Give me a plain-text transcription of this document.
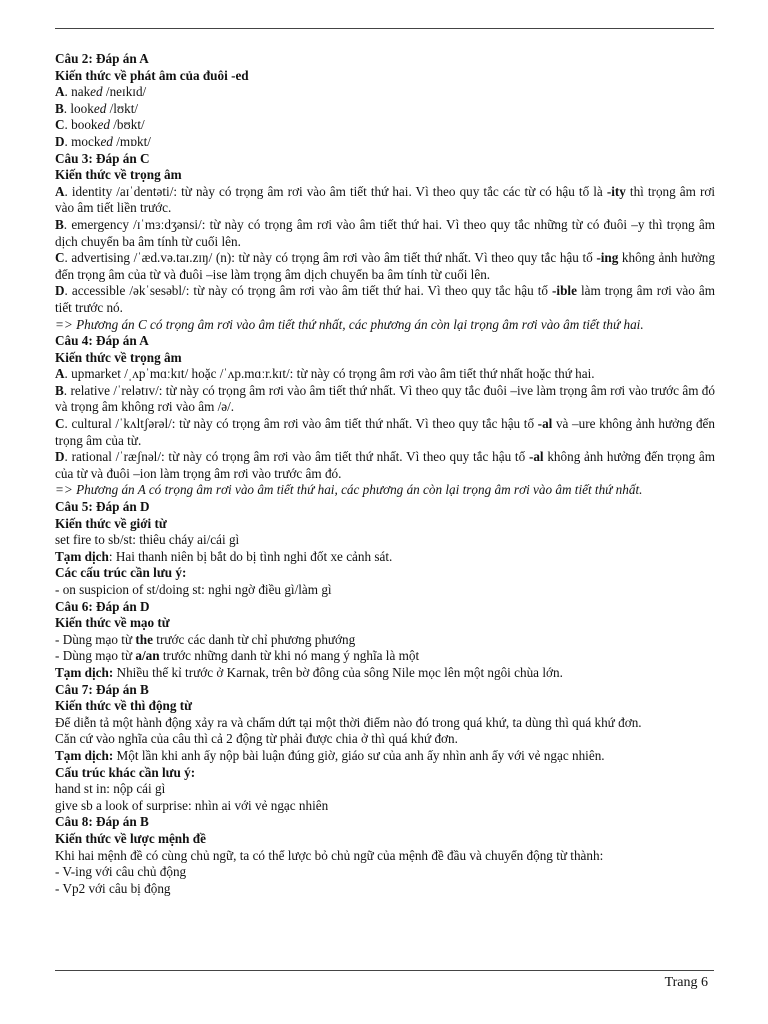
Câu 2: Đáp án A
Kiến thức về phát âm của đuôi -ed
A. naked /neɪkɪd/
B. looked /lʊkt/
C. booked /bʊkt/
D. mocked /mɒkt/
Câu 3: Đáp án C
Kiến thức về trọng âm
A. identity /aɪˈdentəti/: từ này có trọng âm rơi vào âm tiết thứ hai. Vì theo quy tắc các từ có hậu tố là -ity thì trọng âm rơi vào âm tiết liền trước.
B. emergency /ɪˈmɜːdʒənsi/: từ này có trọng âm rơi vào âm tiết thứ hai. Vì theo quy tắc những từ có đuôi –y thì trọng âm dịch chuyển ba âm tính từ cuối lên.
C. advertising /ˈæd.və.taɪ.zɪŋ/ (n): từ này có trọng âm rơi vào âm tiết thứ nhất. Vì theo quy tắc hậu tố -ing không ảnh hưởng đến trọng âm của từ và đuôi –ise làm trọng âm dịch chuyển ba âm tính từ cuối lên.
D. accessible /əkˈsesəbl/: từ này có trọng âm rơi vào âm tiết thứ hai. Vì theo quy tắc hậu tố -ible làm trọng âm rơi vào âm tiết trước nó.
=> Phương án C có trọng âm rơi vào âm tiết thứ nhất, các phương án còn lại trọng âm rơi vào âm tiết thứ hai.
Câu 4: Đáp án A
Kiến thức về trọng âm
A. upmarket /ˌʌpˈmɑːkɪt/ hoặc /ˈʌp.mɑːr.kɪt/: từ này có trọng âm rơi vào âm tiết thứ nhất hoặc thứ hai.
B. relative /ˈrelətɪv/: từ này có trọng âm rơi vào âm tiết thứ nhất. Vì theo quy tắc đuôi –ive làm trọng âm rơi vào trước âm đó và trọng âm không rơi vào âm /ə/.
C. cultural /ˈkʌltʃərəl/: từ này có trọng âm rơi vào âm tiết thứ nhất. Vì theo quy tắc hậu tố -al và –ure không ảnh hưởng đến trọng âm của từ.
D. rational /ˈræʃnəl/: từ này có trọng âm rơi vào âm tiết thứ nhất. Vì theo quy tắc hậu tố -al không ảnh hưởng đến trọng âm của từ và đuôi –ion làm trọng âm rơi vào trước âm đó.
=> Phương án A có trọng âm rơi vào âm tiết thứ hai, các phương án còn lại trọng âm rơi vào âm tiết thứ nhất.
Câu 5: Đáp án D
Kiến thức về giới từ
set fire to sb/st: thiêu cháy ai/cái gì
Tạm dịch: Hai thanh niên bị bắt do bị tình nghi đốt xe cảnh sát.
Các cấu trúc cần lưu ý:
- on suspicion of st/doing st: nghi ngờ điều gì/làm gì
Câu 6: Đáp án D
Kiến thức về mạo từ
- Dùng mạo từ the trước các danh từ chỉ phương phướng
- Dùng mạo từ a/an trước những danh từ khi nó mang ý nghĩa là một
Tạm dịch: Nhiều thế kỉ trước ở Karnak, trên bờ đông của sông Nile mọc lên một ngôi chùa lớn.
Câu 7: Đáp án B
Kiến thức về thì động từ
Để diễn tả một hành động xảy ra và chấm dứt tại một thời điểm nào đó trong quá khứ, ta dùng thì quá khứ đơn.
Căn cứ vào nghĩa của câu thì cả 2 động từ phải được chia ở thì quá khứ đơn.
Tạm dịch: Một lần khi anh ấy nộp bài luận đúng giờ, giáo sư của anh ấy nhìn anh ấy với vẻ ngạc nhiên.
Cấu trúc khác cần lưu ý:
hand st in: nộp cái gì
give sb a look of surprise: nhìn ai với vẻ ngạc nhiên
Câu 8: Đáp án B
Kiến thức về lược mệnh đề
Khi hai mệnh đề có cùng chủ ngữ, ta có thể lược bỏ chủ ngữ của mệnh đề đầu và chuyển động từ thành:
- V-ing với câu chủ động
- Vp2 với câu bị động
Trang 6
